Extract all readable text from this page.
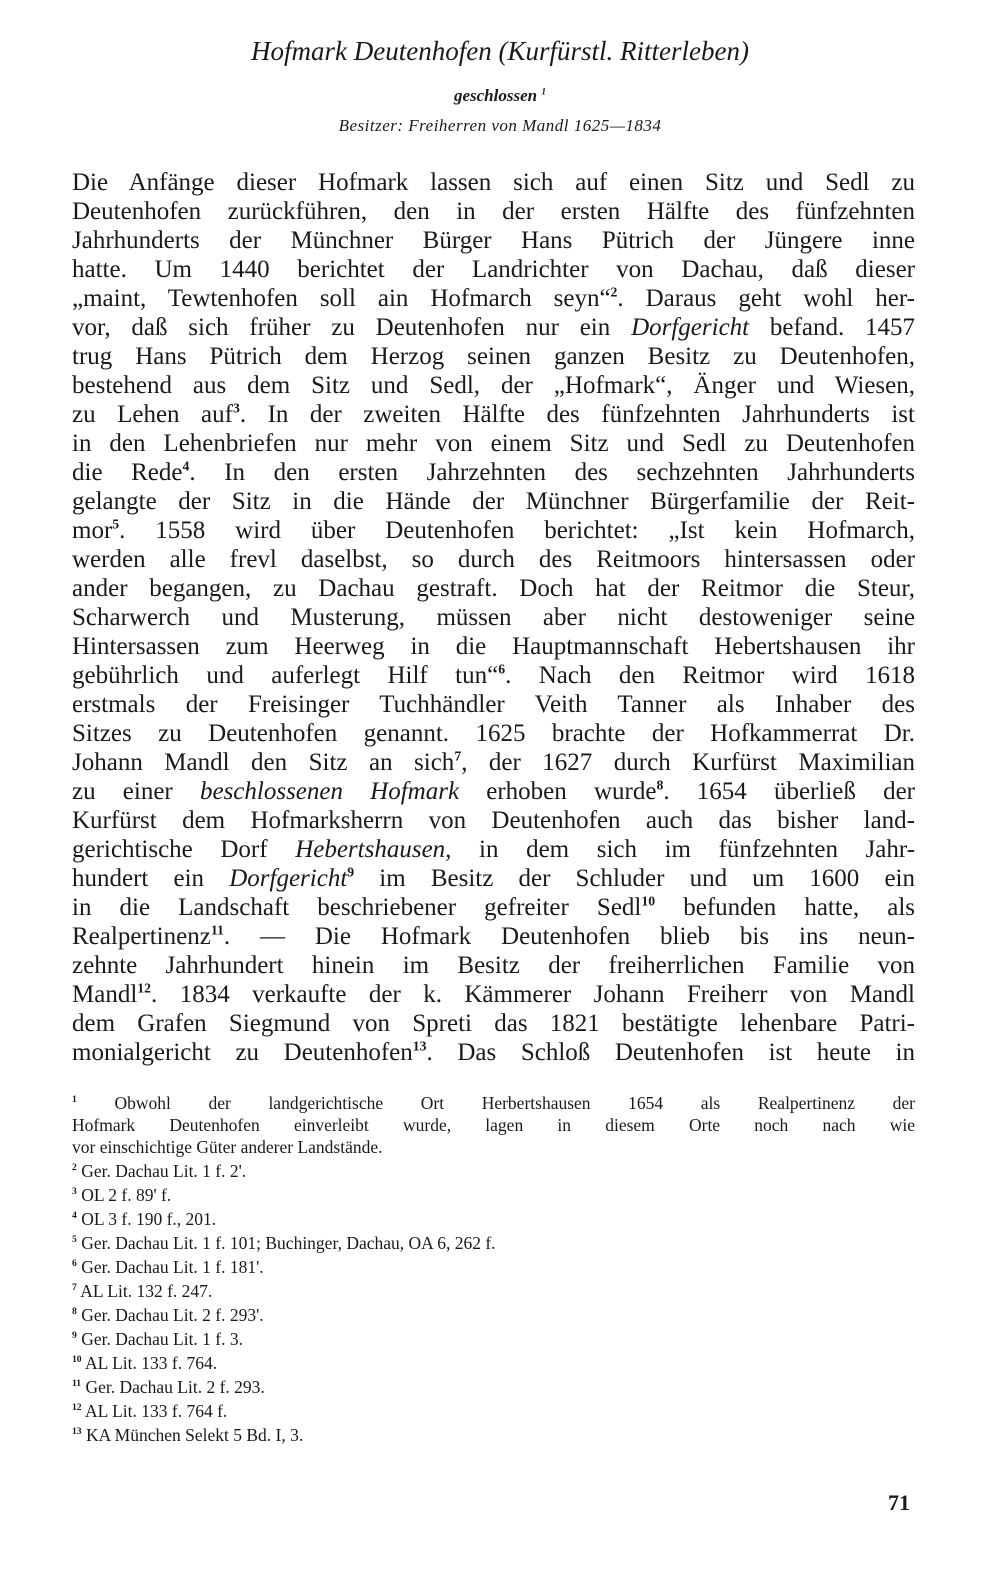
Hofmark Deutenhofen (Kurfürstl. Ritterleben)
geschlossen $^1$
Besitzer: Freiherren von Mandl 1625—1834
Die Anfänge dieser Hofmark lassen sich auf einen Sitz und Sedl zu
Deutenhofen zurückführen, den in der ersten Hälfte des fünfzehnten
Jahrhunderts der Münchner Bürger Hans Pütrich der Jüngere inne
hatte. Um 1440 berichtet der Landrichter von Dachau, daß dieser
„maint, Tewtenhofen soll ain Hofmarch seyn“$^2$. Daraus geht wohl her-
vor, daß sich früher zu Deutenhofen nur ein Dorfgericht befand. 1457
trug Hans Pütrich dem Herzog seinen ganzen Besitz zu Deutenhofen,
bestehend aus dem Sitz und Sedl, der „Hofmark“, Änger und Wiesen,
zu Lehen auf$^3$. In der zweiten Hälfte des fünfzehnten Jahrhunderts ist
in den Lehenbriefen nur mehr von einem Sitz und Sedl zu Deutenhofen
die Rede$^4$. In den ersten Jahrzehnten des sechzehnten Jahrhunderts
gelangte der Sitz in die Hände der Münchner Bürgerfamilie der Reit-
mor$^5$. 1558 wird über Deutenhofen berichtet: „Ist kein Hofmarch,
werden alle frevl daselbst, so durch des Reitmoors hintersassen oder
ander begangen, zu Dachau gestraft. Doch hat der Reitmor die Steur,
Scharwerch und Musterung, müssen aber nicht destoweniger seine
Hintersassen zum Heerweg in die Hauptmannschaft Hebertshausen ihr
gebührlich und auferlegt Hilf tun“$^6$. Nach den Reitmor wird 1618
erstmals der Freisinger Tuchhändler Veith Tanner als Inhaber des
Sitzes zu Deutenhofen genannt. 1625 brachte der Hofkammerrat Dr.
Johann Mandl den Sitz an sich$^7$, der 1627 durch Kurfürst Maximilian
zu einer beschlossenen Hofmark erhoben wurde$^8$. 1654 überließ der
Kurfürst dem Hofmarksherrn von Deutenhofen auch das bisher land-
gerichtische Dorf Hebertshausen, in dem sich im fünfzehnten Jahr-
hundert ein Dorfgericht$^9$ im Besitz der Schluder und um 1600 ein
in die Landschaft beschriebener gefreiter Sedl$^{10}$ befunden hatte, als
Realpertinenz$^{11}$. — Die Hofmark Deutenhofen blieb bis ins neun-
zehnte Jahrhundert hinein im Besitz der freiherrlichen Familie von
Mandl$^{12}$. 1834 verkaufte der k. Kämmerer Johann Freiherr von Mandl
dem Grafen Siegmund von Spreti das 1821 bestätigte lehenbare Patri-
monialgericht zu Deutenhofen$^{13}$. Das Schloß Deutenhofen ist heute in
$^1$ Obwohl der landgerichtische Ort Herbertshausen 1654 als Realpertinenz der
Hofmark Deutenhofen einverleibt wurde, lagen in diesem Orte noch nach wie
vor einschichtige Güter anderer Landstände.
$^2$ Ger. Dachau Lit. 1 f. 2'.
$^3$ OL 2 f. 89' f.
$^4$ OL 3 f. 190 f., 201.
$^5$ Ger. Dachau Lit. 1 f. 101; Buchinger, Dachau, OA 6, 262 f.
$^6$ Ger. Dachau Lit. 1 f. 181'.
$^7$ AL Lit. 132 f. 247.
$^8$ Ger. Dachau Lit. 2 f. 293'.
$^9$ Ger. Dachau Lit. 1 f. 3.
$^{10}$ AL Lit. 133 f. 764.
$^{11}$ Ger. Dachau Lit. 2 f. 293.
$^{12}$ AL Lit. 133 f. 764 f.
$^{13}$ KA München Selekt 5 Bd. I, 3.
71
